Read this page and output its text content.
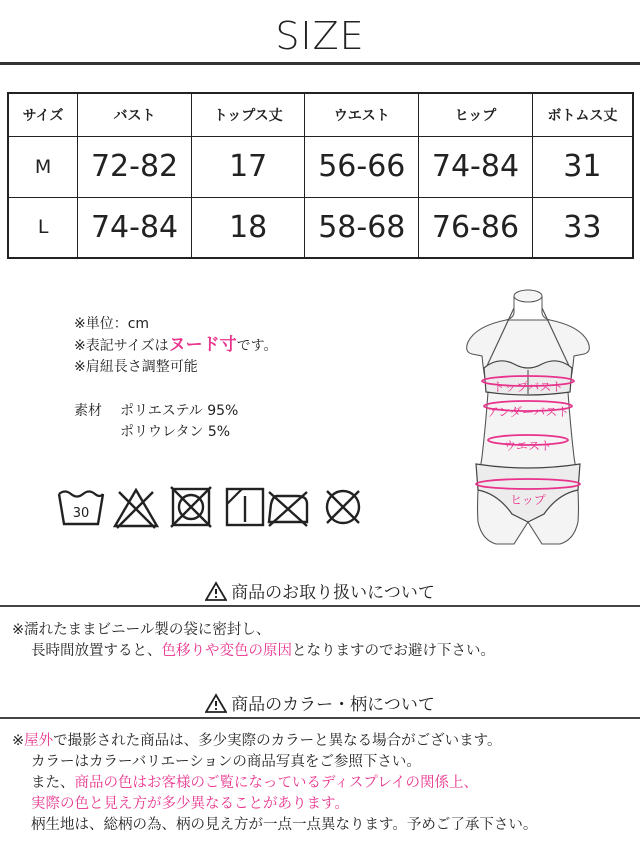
SIZE
サイズ	バスト	トップス丈	ウエスト	ヒップ	ボトムス丈
M	72-82	17	56-66	74-84	31
L	74-84	18	58-68	76-86	33
※単位：cm
※表記サイズはヌード寸です。
※肩紐長さ調整可能
素材 ポリエステル 95%
ポリウレタン 5%
30
トップバスト
アンダーバスト
ウエスト
ヒップ
商品のお取り扱いについて
※濡れたままビニール製の袋に密封し、
長時間放置すると、色移りや変色の原因となりますのでお避け下さい。
商品のカラー・柄について
※屋外で撮影された商品は、多少実際のカラーと異なる場合がございます。
カラーはカラーバリエーションの商品写真をご参照下さい。
また、商品の色はお客様のご覧になっているディスプレイの関係上、
実際の色と見え方が多少異なることがあります。
柄生地は、総柄の為、柄の見え方が一点一点異なります。予めご了承下さい。
